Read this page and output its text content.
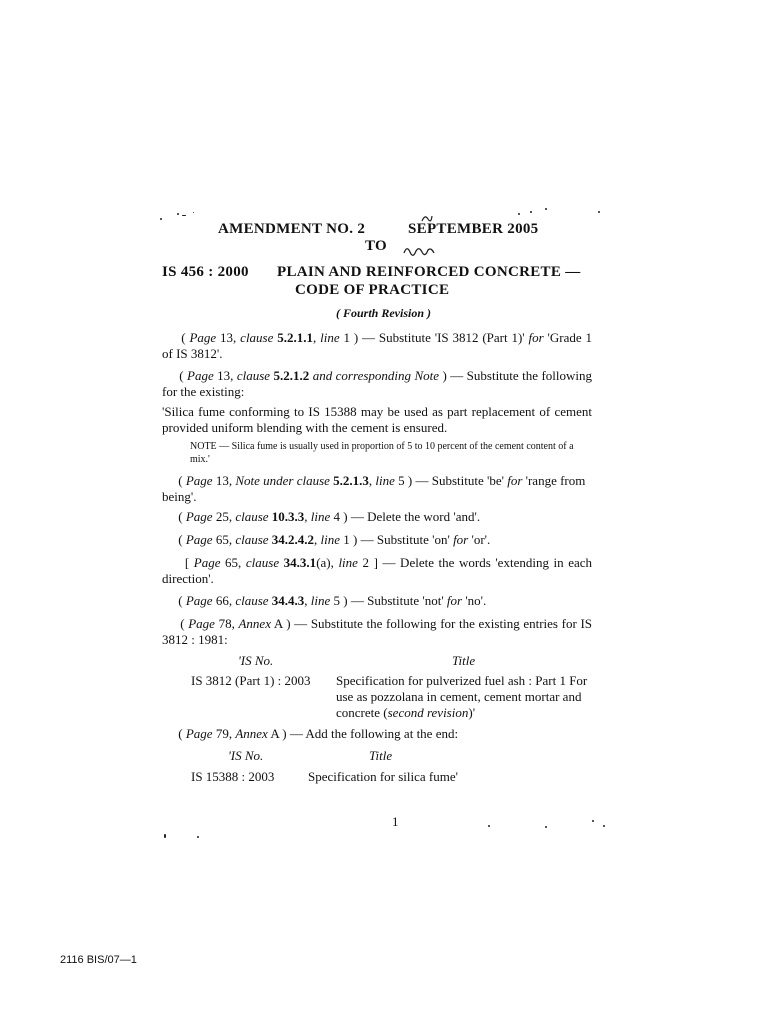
AMENDMENT NO. 2	SEPTEMBER 2005
TO
IS 456 : 2000 PLAIN AND REINFORCED CONCRETE —
CODE OF PRACTICE
( Fourth Revision )
( Page 13, clause 5.2.1.1, line 1 ) — Substitute 'IS 3812 (Part 1)' for 'Grade 1 of IS 3812'.
( Page 13, clause 5.2.1.2 and corresponding Note ) — Substitute the following for the existing:
'Silica fume conforming to IS 15388 may be used as part replacement of cement provided uniform blending with the cement is ensured.
NOTE — Silica fume is usually used in proportion of 5 to 10 percent of the cement content of a mix.'
( Page 13, Note under clause 5.2.1.3, line 5 ) — Substitute 'be' for 'range from being'.
( Page 25, clause 10.3.3, line 4 ) — Delete the word 'and'.
( Page 65, clause 34.2.4.2, line 1 ) — Substitute 'on' for 'or'.
[ Page 65, clause 34.3.1(a), line 2 ] — Delete the words 'extending in each direction'.
( Page 66, clause 34.4.3, line 5 ) — Substitute 'not' for 'no'.
( Page 78, Annex A ) — Substitute the following for the existing entries for IS 3812 : 1981:
'IS No.	Title
IS 3812 (Part 1) : 2003 Specification for pulverized fuel ash : Part 1 For use as pozzolana in cement, cement mortar and concrete (second revision)'
( Page 79, Annex A ) — Add the following at the end:
'IS No.	Title
IS 15388 : 2003	Specification for silica fume'
1
2116 BIS/07—1
